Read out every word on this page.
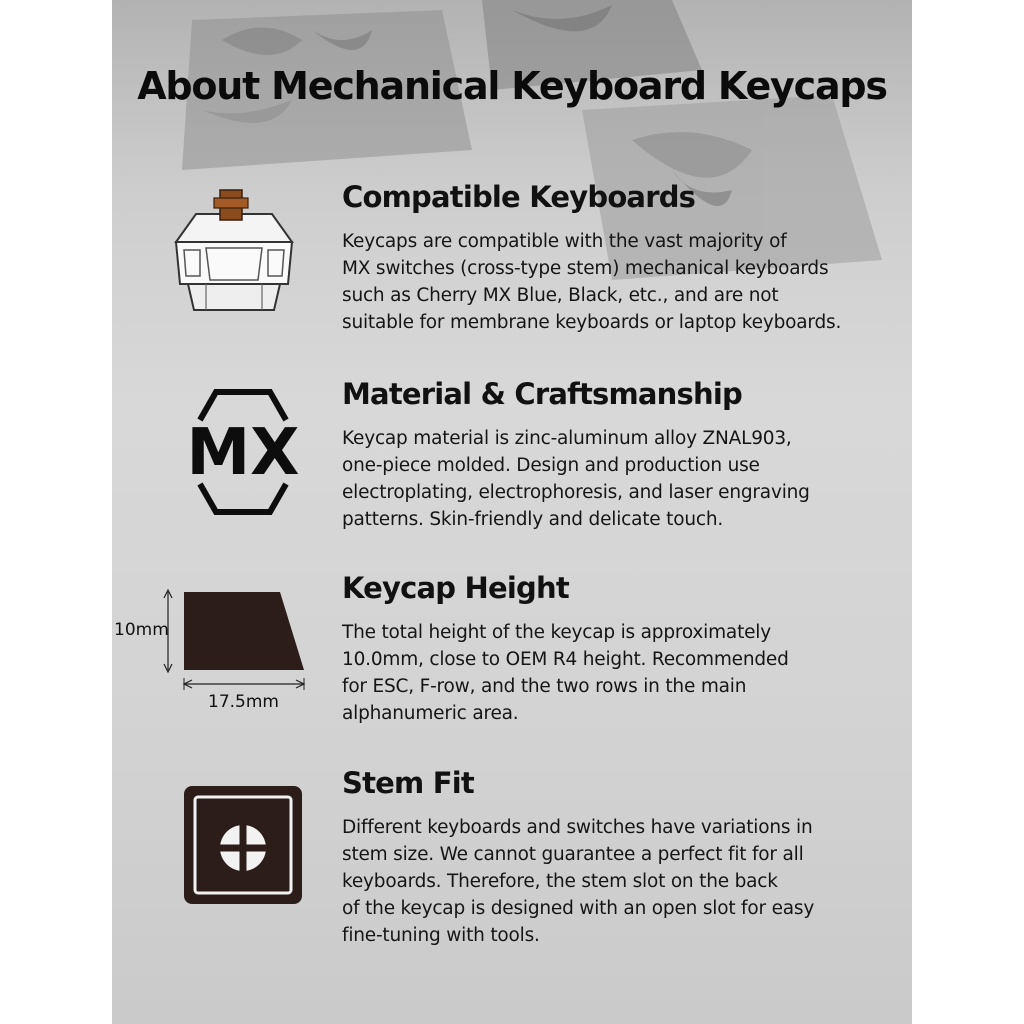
About Mechanical Keyboard Keycaps
Compatible Keyboards

Keycaps are compatible with the vast majority of
MX switches (cross-type stem) mechanical keyboards
such as Cherry MX Blue, Black, etc., and are not
suitable for membrane keyboards or laptop keyboards.

MX
Material & Craftsmanship

Keycap material is zinc-aluminum alloy ZNAL903,
one-piece molded. Design and production use
electroplating, electrophoresis, and laser engraving
patterns. Skin-friendly and delicate touch.

10mm
17.5mm
Keycap Height

The total height of the keycap is approximately
10.0mm, close to OEM R4 height. Recommended
for ESC, F-row, and the two rows in the main
alphanumeric area.

Stem Fit

Different keyboards and switches have variations in
stem size. We cannot guarantee a perfect fit for all
keyboards. Therefore, the stem slot on the back
of the keycap is designed with an open slot for easy
fine-tuning with tools.
